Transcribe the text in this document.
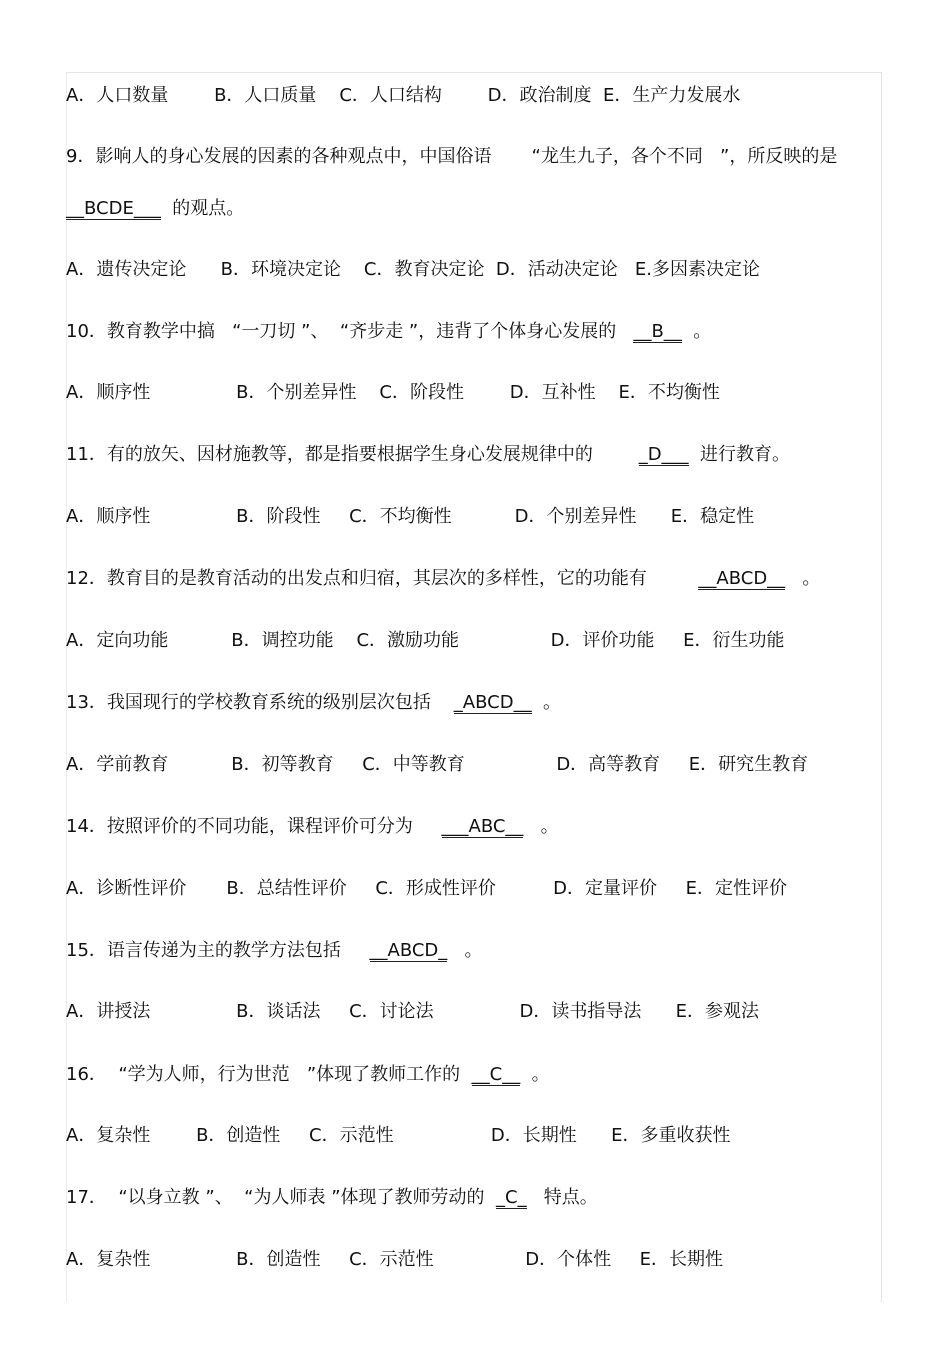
A．人口数量        B．人口质量    C．人口结构        D．政治制度  E．生产力发展水
9．影响人的身心发展的因素的各种观点中，中国俗语       “龙生九子，各个不同   ”，所反映的是
__BCDE___  的观点。
A．遗传决定论      B．环境决定论    C．教育决定论  D．活动决定论   E.多因素决定论
10．教育教学中搞   “一刀切 ”、  “齐步走 ”，违背了个体身心发展的 __B__  。
A．顺序性               B．个别差异性    C．阶段性        D．互补性    E．不均衡性
11．有的放矢、因材施教等，都是指要根据学生身心发展规律中的	_D___  进行教育。
A．顺序性               B．阶段性     C．不均衡性           D．个别差异性      E．稳定性
12．教育目的是教育活动的出发点和归宿，其层次的多样性，它的功能有	__ABCD__   。
A．定向功能           B．调控功能    C．激励功能                D．评价功能     E．衍生功能
13．我国现行的学校教育系统的级别层次包括 _ABCD__  。
A．学前教育           B．初等教育     C．中等教育                D．高等教育     E．研究生教育
14．按照评价的不同功能，课程评价可分为 ___ABC__   。
A．诊断性评价       B．总结性评价     C．形成性评价          D．定量评价     E．定性评价
15．语言传递为主的教学方法包括 __ABCD_   。
A．讲授法               B．谈话法     C．讨论法               D．读书指导法      E．参观法
16．  “学为人师，行为世范   ”体现了教师工作的 __C__  。
A．复杂性        B．创造性     C．示范性                 D．长期性      E．多重收获性
17．  “以身立教 ”、  “为人师表 ”体现了教师劳动的 _C_   特点。
A．复杂性               B．创造性     C．示范性                D．个体性     E．长期性
